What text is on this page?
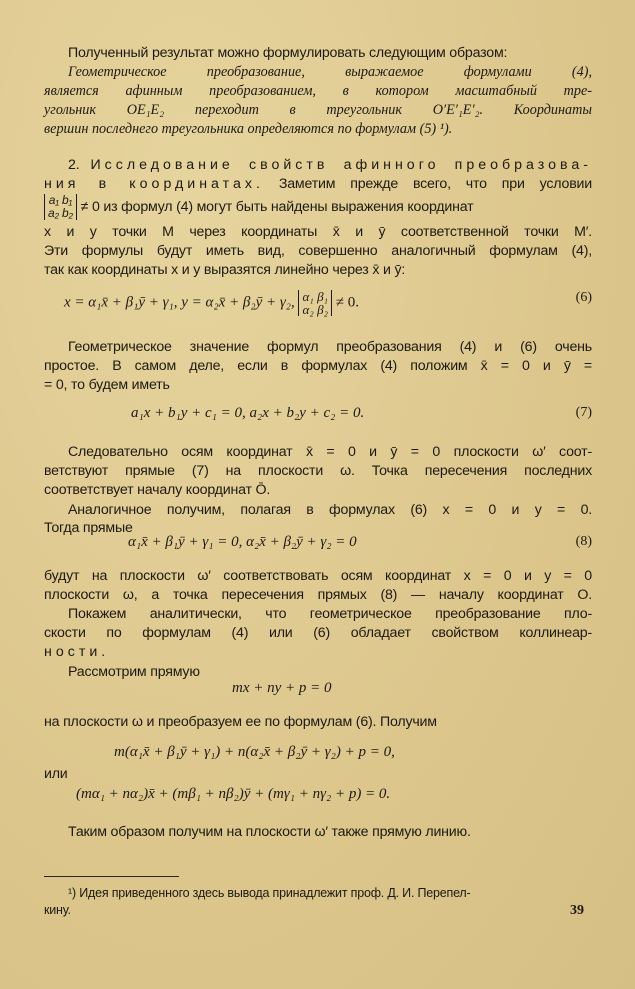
Полученный результат можно формулировать следующим образом:
Геометрическое преобразование, выражаемое формулами (4),
является афинным преобразованием, в котором масштабный тре-
угольник OE₁E₂ переходит в треугольник O′E′₁E′₂. Координаты
вершин последнего треугольника определяются по формулам (5) ¹).
2. Исследование свойств афинного преобразова-
ния в координатах. Заметим прежде всего, что при условии
a₁ b₁
a₂ b₂ ≠ 0 из формул (4) могут быть найдены выражения координат
x и y точки M через координаты x̄ и ȳ соответственной точки M′.
Эти формулы будут иметь вид, совершенно аналогичный формулам (4),
так как координаты x и y выразятся линейно через x̄ и ȳ:
x = α₁x̄ + β₁ȳ + γ₁, y = α₂x̄ + β₂ȳ + γ₂, α₁ β₁
α₂ β₂ ≠ 0.	(6)
Геометрическое значение формул преобразования (4) и (6) очень
простое. В самом деле, если в формулах (4) положим x̄ = 0 и ȳ =
= 0, то будем иметь
a₁x + b₁y + c₁ = 0, a₂x + b₂y + c₂ = 0.	(7)
Следовательно осям координат x̄ = 0 и ȳ = 0 плоскости ω′ соот-
ветствуют прямые (7) на плоскости ω. Точка пересечения последних
соответствует началу координат Ō.
Аналогичное получим, полагая в формулах (6) x = 0 и y = 0.
Тогда прямые
α₁x̄ + β₁ȳ + γ₁ = 0, α₂x̄ + β₂ȳ + γ₂ = 0	(8)
будут на плоскости ω′ соответствовать осям координат x = 0 и y = 0
плоскости ω, а точка пересечения прямых (8) — началу координат O.
Покажем аналитически, что геометрическое преобразование пло-
скости по формулам (4) или (6) обладает свойством коллинеар-
ности.
Рассмотрим прямую
mx + ny + p = 0
на плоскости ω и преобразуем ее по формулам (6). Получим
m(α₁x̄ + β₁ȳ + γ₁) + n(α₂x̄ + β₂ȳ + γ₂) + p = 0,
или
(mα₁ + nα₂)x̄ + (mβ₁ + nβ₂)ȳ + (mγ₁ + nγ₂ + p) = 0.
Таким образом получим на плоскости ω′ также прямую линию.
¹) Идея приведенного здесь вывода принадлежит проф. Д. И. Перепел-
кину.	39
